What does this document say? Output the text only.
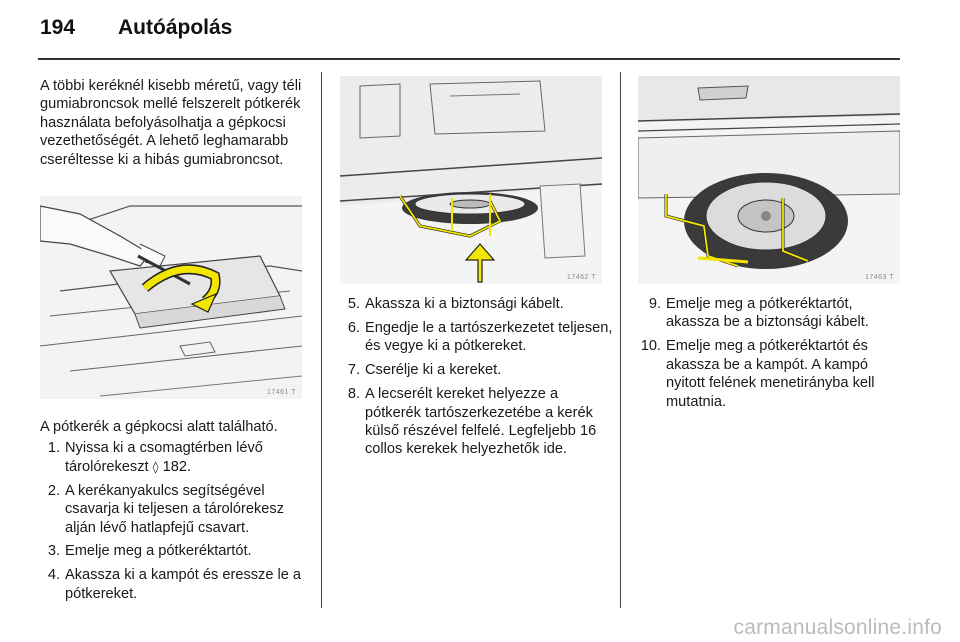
194 Autóápolás

A többi keréknél kisebb méretű, vagy téli gumiabroncsok mellé felszerelt pótkerék használata befolyásolhatja a gépkocsi vezethetőségét. A lehető leghamarabb cseréltesse ki a hibás gumiabroncsot.

17461 T

A pótkerék a gépkocsi alatt található.

1. Nyissa ki a csomagtérben lévő tárolórekeszt ◊ 182.
2. A kerékanyakulcs segítségével csavarja ki teljesen a tárolórekesz alján lévő hatlapfejű csavart.
3. Emelje meg a pótkeréktartót.
4. Akassza ki a kampót és eressze le a pótkereket.
17462 T
5. Akassza ki a biztonsági kábelt.
6. Engedje le a tartószerkezetet teljesen, és vegye ki a pótkereket.
7. Cserélje ki a kereket.
8. A lecserélt kereket helyezze a pótkerék tartószerkezetébe a kerék külső részével felfelé. Legfeljebb 16 collos kerekek helyezhetők ide.
17463 T
9. Emelje meg a pótkeréktartót, akassza be a biztonsági kábelt.
10. Emelje meg a pótkeréktartót és akassza be a kampót. A kampó nyitott felének menetirányba kell mutatnia.
carmanualsonline.info
